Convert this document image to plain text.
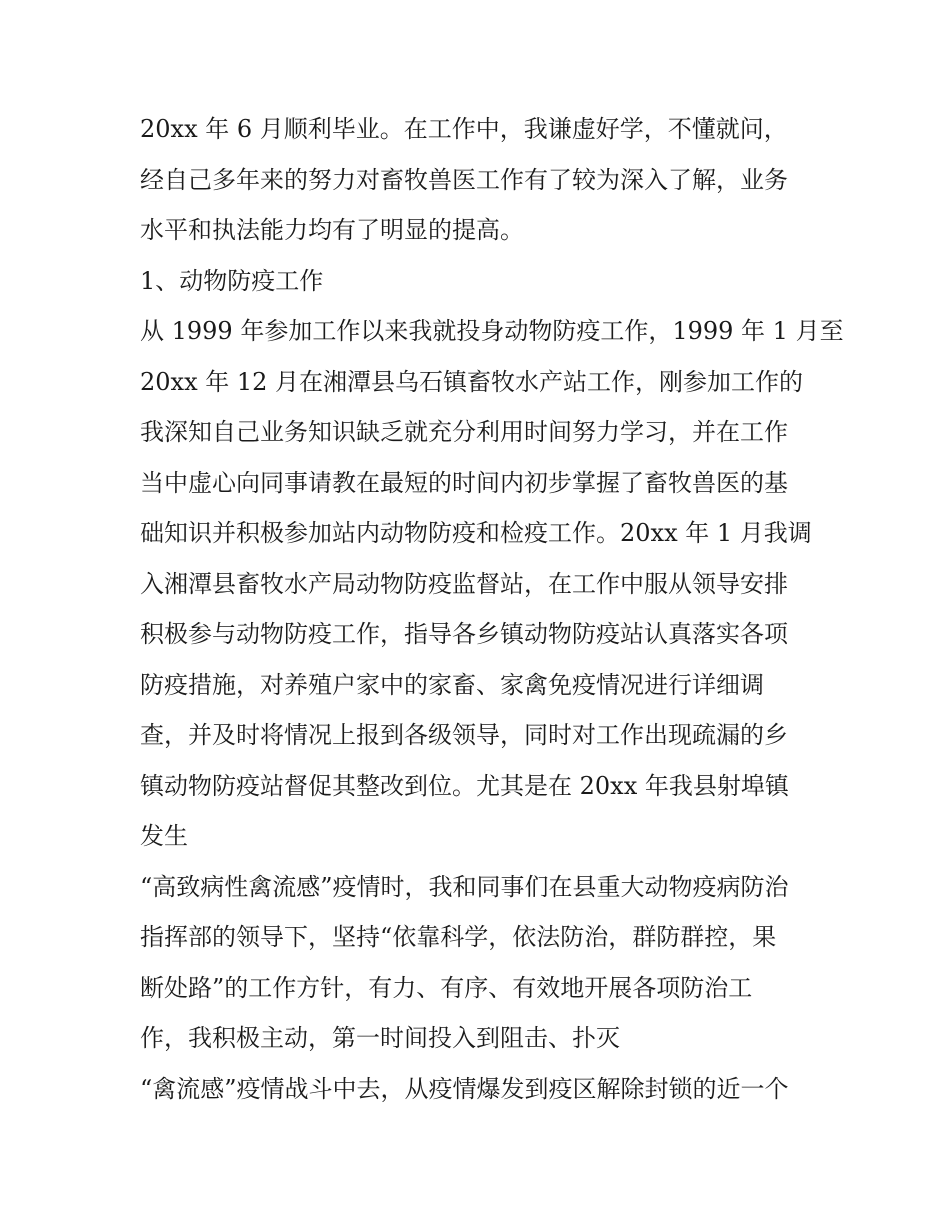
20xx 年 6 月顺利毕业。在工作中，我谦虚好学，不懂就问，
经自己多年来的努力对畜牧兽医工作有了较为深入了解，业务
水平和执法能力均有了明显的提高。
1、动物防疫工作
从 1999 年参加工作以来我就投身动物防疫工作，1999 年 1 月至
20xx 年 12 月在湘潭县乌石镇畜牧水产站工作，刚参加工作的
我深知自己业务知识缺乏就充分利用时间努力学习，并在工作
当中虚心向同事请教在最短的时间内初步掌握了畜牧兽医的基
础知识并积极参加站内动物防疫和检疫工作。20xx 年 1 月我调
入湘潭县畜牧水产局动物防疫监督站，在工作中服从领导安排
积极参与动物防疫工作，指导各乡镇动物防疫站认真落实各项
防疫措施，对养殖户家中的家畜、家禽免疫情况进行详细调
查，并及时将情况上报到各级领导，同时对工作出现疏漏的乡
镇动物防疫站督促其整改到位。尤其是在 20xx 年我县射埠镇
发生
“高致病性禽流感”疫情时，我和同事们在县重大动物疫病防治
指挥部的领导下，坚持“依靠科学，依法防治，群防群控，果
断处路”的工作方针，有力、有序、有效地开展各项防治工
作，我积极主动，第一时间投入到阻击、扑灭
“禽流感”疫情战斗中去，从疫情爆发到疫区解除封锁的近一个
